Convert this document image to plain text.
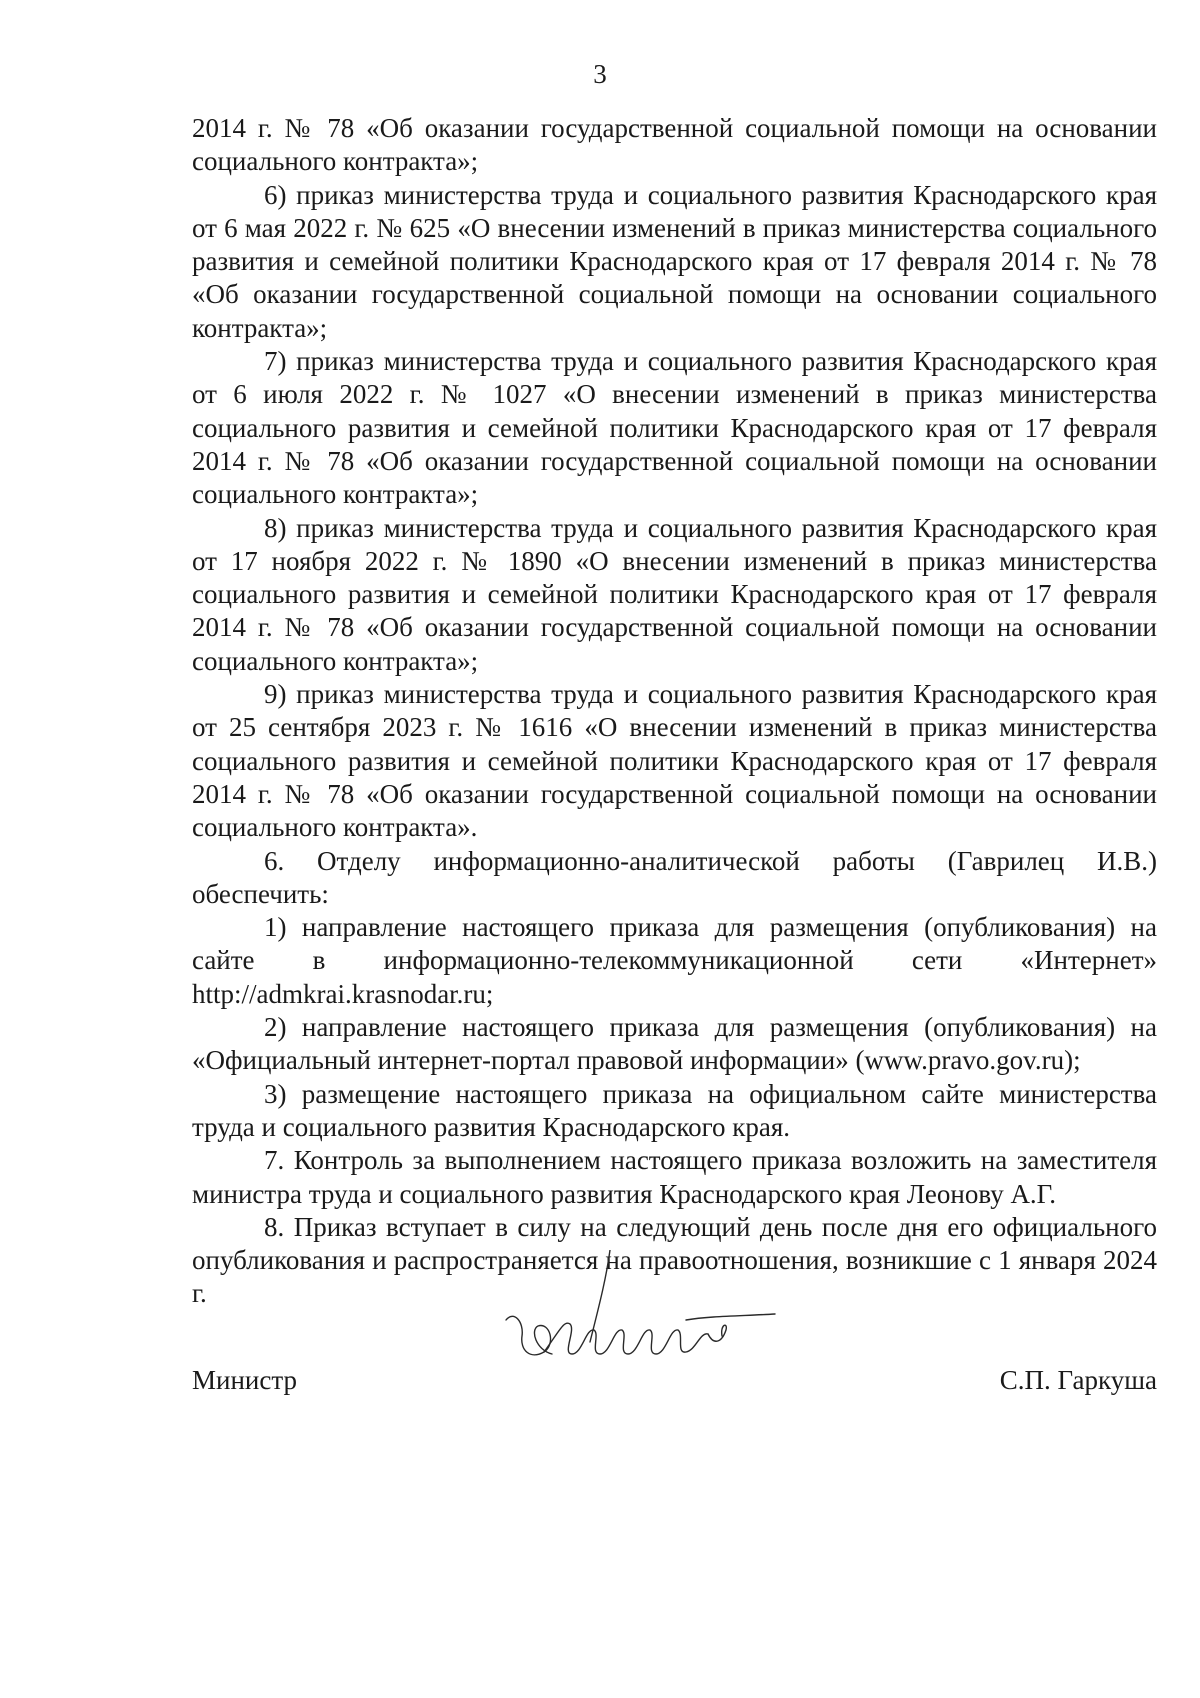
3

2014 г. № 78 «Об оказании государственной социальной помощи на основании социального контракта»;

6) приказ министерства труда и социального развития Краснодарского края от 6 мая 2022 г. № 625 «О внесении изменений в приказ министерства социального развития и семейной политики Краснодарского края от 17 февраля 2014 г. № 78 «Об оказании государственной социальной помощи на основании социального контракта»;

7) приказ министерства труда и социального развития Краснодарского края от 6 июля 2022 г. № 1027 «О внесении изменений в приказ министерства социального развития и семейной политики Краснодарского края от 17 февраля 2014 г. № 78 «Об оказании государственной социальной помощи на основании социального контракта»;

8) приказ министерства труда и социального развития Краснодарского края от 17 ноября 2022 г. № 1890 «О внесении изменений в приказ министерства социального развития и семейной политики Краснодарского края от 17 февраля 2014 г. № 78 «Об оказании государственной социальной помощи на основании социального контракта»;

9) приказ министерства труда и социального развития Краснодарского края от 25 сентября 2023 г. № 1616 «О внесении изменений в приказ министерства социального развития и семейной политики Краснодарского края от 17 февраля 2014 г. № 78 «Об оказании государственной социальной помощи на основании социального контракта».

6. Отделу информационно-аналитической работы (Гаврилец И.В.) обеспечить:

1) направление настоящего приказа для размещения (опубликования) на сайте в информационно-телекоммуникационной сети «Интернет» http://admkrai.krasnodar.ru;

2) направление настоящего приказа для размещения (опубликования) на «Официальный интернет-портал правовой информации» (www.pravo.gov.ru);

3) размещение настоящего приказа на официальном сайте министерства труда и социального развития Краснодарского края.

7. Контроль за выполнением настоящего приказа возложить на заместителя министра труда и социального развития Краснодарского края Леонову А.Г.

8. Приказ вступает в силу на следующий день после дня его официального опубликования и распространяется на правоотношения, возникшие с 1 января 2024 г.

Министр	С.П. Гаркуша
